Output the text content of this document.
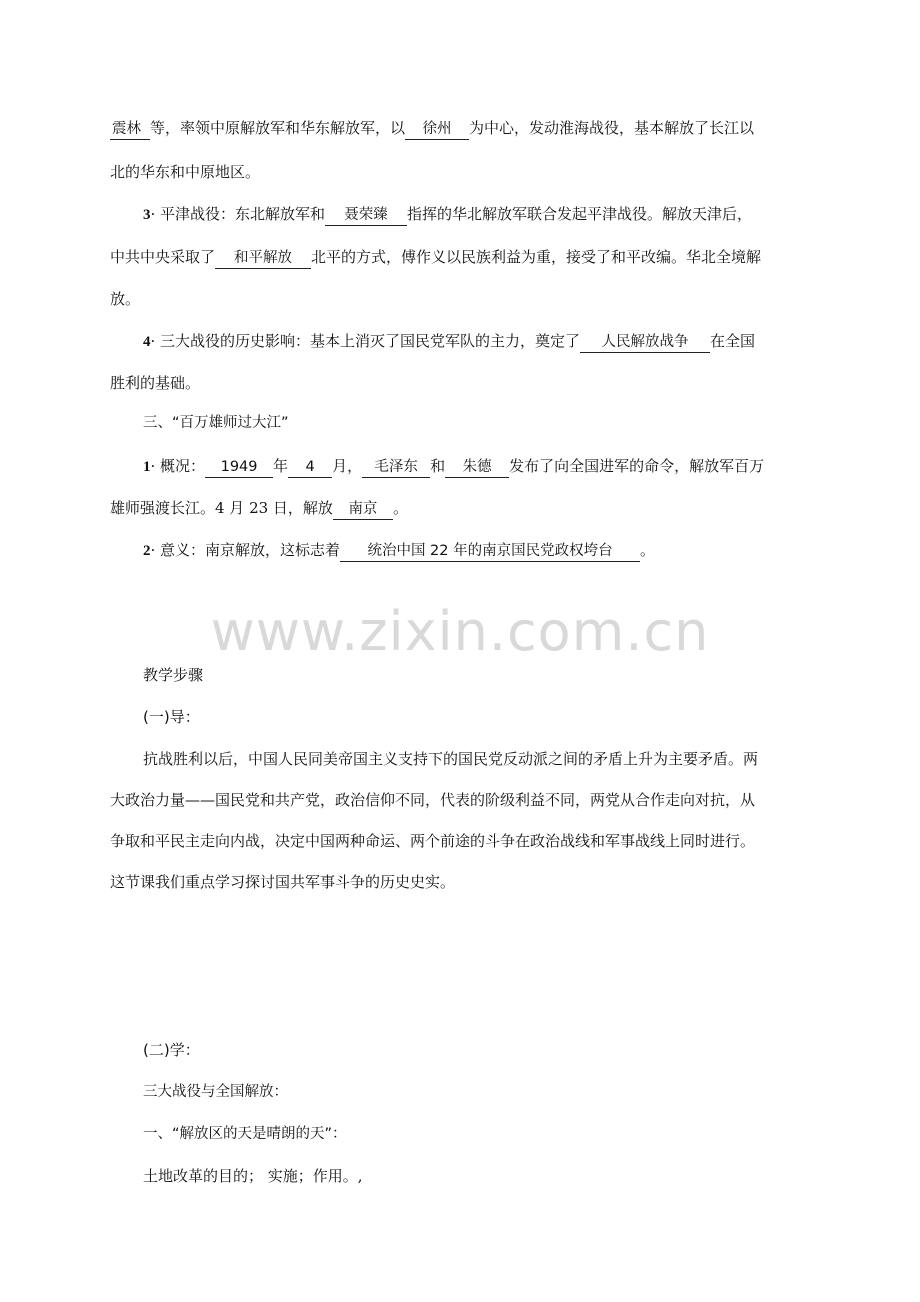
www.zixin.com.cn
震林 等，率领中原解放军和华东解放军，以 徐州 为中心，发动淮海战役，基本解放了长江以
北的华东和中原地区。
3· 平津战役：东北解放军和 聂荣臻 指挥的华北解放军联合发起平津战役。解放天津后，
中共中央采取了 和平解放 北平的方式，傅作义以民族利益为重，接受了和平改编。华北全境解
放。
4· 三大战役的历史影响：基本上消灭了国民党军队的主力，奠定了 人民解放战争 在全国
胜利的基础。
三、“百万雄师过大江”
1· 概况： 1949 年 4 月， 毛泽东 和 朱德 发布了向全国进军的命令，解放军百万
雄师强渡长江。4 月 23 日，解放 南京 。
2· 意义：南京解放，这标志着 统治中国 22 年的南京国民党政权垮台 。
教学步骤
(一)导：
抗战胜利以后，中国人民同美帝国主义支持下的国民党反动派之间的矛盾上升为主要矛盾。两
大政治力量——国民党和共产党，政治信仰不同，代表的阶级利益不同，两党从合作走向对抗，从
争取和平民主走向内战，决定中国两种命运、两个前途的斗争在政治战线和军事战线上同时进行。
这节课我们重点学习探讨国共军事斗争的历史史实。
(二)学：
三大战役与全国解放：
一、“解放区的天是晴朗的天”：
土地改革的目的； 实施；作用。,
